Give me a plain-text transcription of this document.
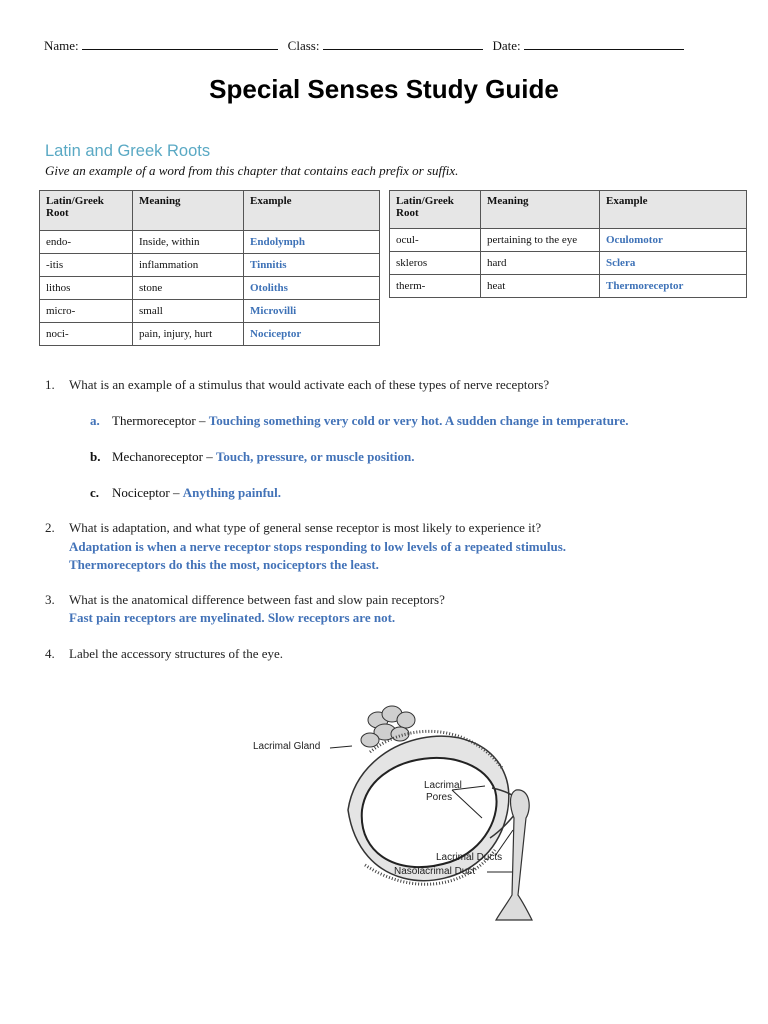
Name:	Class:	Date:
Special Senses Study Guide
Latin and Greek Roots
Give an example of a word from this chapter that contains each prefix or suffix.
Latin/Greek Root	Meaning	Example
endo-	Inside, within	Endolymph
-itis	inflammation	Tinnitis
lithos	stone	Otoliths
micro-	small	Microvilli
noci-	pain, injury, hurt	Nociceptor
Latin/Greek Root	Meaning	Example
ocul-	pertaining to the eye	Oculomotor
skleros	hard	Sclera
therm-	heat	Thermoreceptor
1. What is an example of a stimulus that would activate each of these types of nerve receptors?
a. Thermoreceptor – Touching something very cold or very hot. A sudden change in temperature.
b. Mechanoreceptor – Touch, pressure, or muscle position.
c. Nociceptor – Anything painful.
2. What is adaptation, and what type of general sense receptor is most likely to experience it?
Adaptation is when a nerve receptor stops responding to low levels of a repeated stimulus.
Thermoreceptors do this the most, nociceptors the least.
3. What is the anatomical difference between fast and slow pain receptors?
Fast pain receptors are myelinated. Slow receptors are not.
4. Label the accessory structures of the eye.
Lacrimal Gland
Lacrimal
Pores
Lacrimal Ducts
Nasolacrimal Duct
